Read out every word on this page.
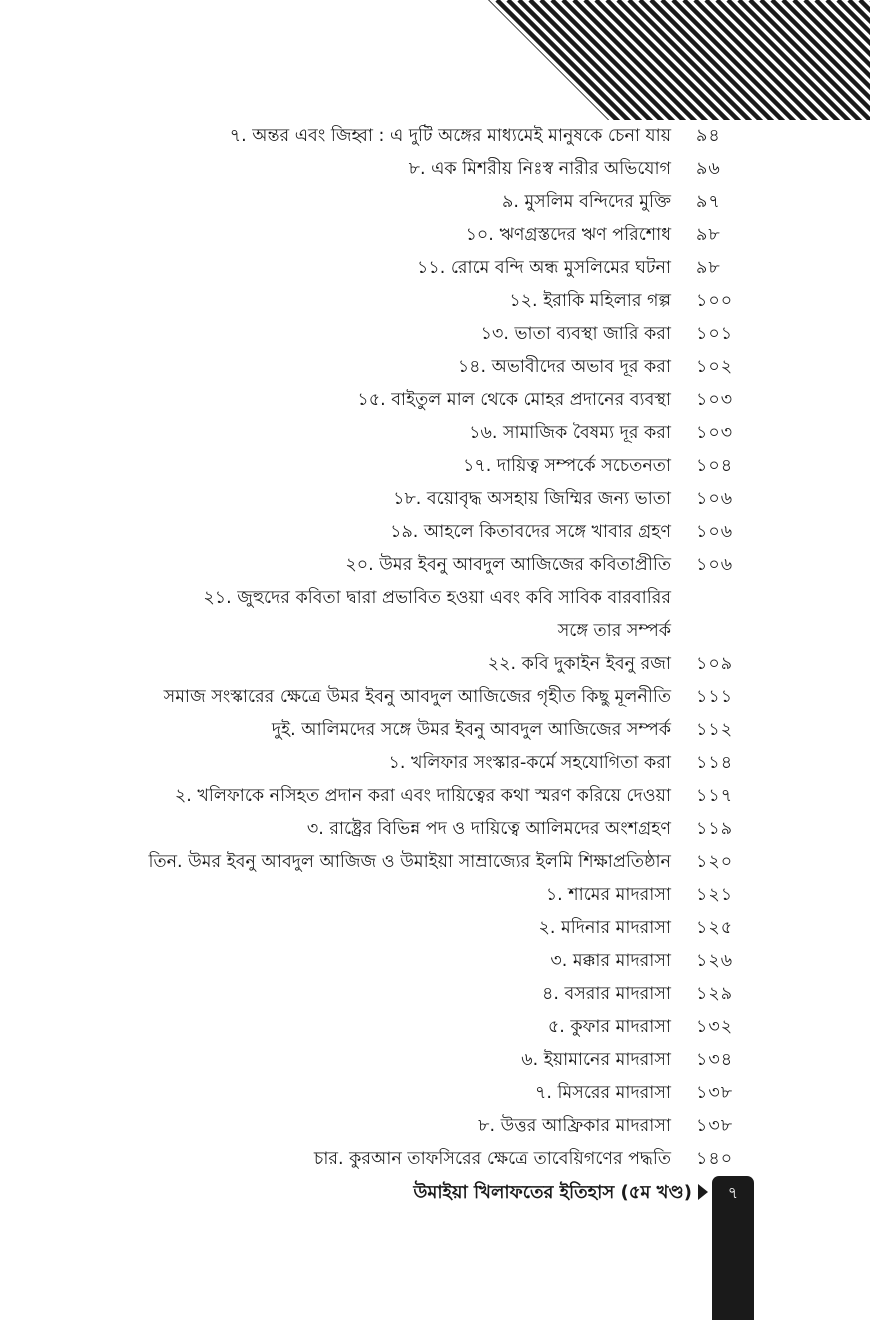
৭. অন্তর এবং জিহ্বা : এ দুটি অঙ্গের মাধ্যমেই মানুষকে চেনা যায় ৯৪
৮. এক মিশরীয় নিঃস্ব নারীর অভিযোগ ৯৬
৯. মুসলিম বন্দিদের মুক্তি ৯৭
১০. ঋণগ্রস্তদের ঋণ পরিশোধ ৯৮
১১. রোমে বন্দি অন্ধ মুসলিমের ঘটনা ৯৮
১২. ইরাকি মহিলার গল্প ১০০
১৩. ভাতা ব্যবস্থা জারি করা ১০১
১৪. অভাবীদের অভাব দূর করা ১০২
১৫. বাইতুল মাল থেকে মোহর প্রদানের ব্যবস্থা ১০৩
১৬. সামাজিক বৈষম্য দূর করা ১০৩
১৭. দায়িত্ব সম্পর্কে সচেতনতা ১০৪
১৮. বয়োবৃদ্ধ অসহায় জিম্মির জন্য ভাতা ১০৬
১৯. আহলে কিতাবদের সঙ্গে খাবার গ্রহণ ১০৬
২০. উমর ইবনু আবদুল আজিজের কবিতাপ্রীতি ১০৬
২১. জুহুদের কবিতা দ্বারা প্রভাবিত হওয়া এবং কবি সাবিক বারবারির
সঙ্গে তার সম্পর্ক
২২. কবি দুকাইন ইবনু রজা ১০৯
সমাজ সংস্কারের ক্ষেত্রে উমর ইবনু আবদুল আজিজের গৃহীত কিছু মূলনীতি ১১১
দুই. আলিমদের সঙ্গে উমর ইবনু আবদুল আজিজের সম্পর্ক ১১২
১. খলিফার সংস্কার-কর্মে সহযোগিতা করা ১১৪
২. খলিফাকে নসিহত প্রদান করা এবং দায়িত্বের কথা স্মরণ করিয়ে দেওয়া ১১৭
৩. রাষ্ট্রের বিভিন্ন পদ ও দায়িত্বে আলিমদের অংশগ্রহণ ১১৯
তিন. উমর ইবনু আবদুল আজিজ ও উমাইয়া সাম্রাজ্যের ইলমি শিক্ষাপ্রতিষ্ঠান ১২০
১. শামের মাদরাসা ১২১
২. মদিনার মাদরাসা ১২৫
৩. মক্কার মাদরাসা ১২৬
৪. বসরার মাদরাসা ১২৯
৫. কুফার মাদরাসা ১৩২
৬. ইয়ামানের মাদরাসা ১৩৪
৭. মিসরের মাদরাসা ১৩৮
৮. উত্তর আফ্রিকার মাদরাসা ১৩৮
চার. কুরআন তাফসিরের ক্ষেত্রে তাবেয়িগণের পদ্ধতি ১৪০
উমাইয়া খিলাফতের ইতিহাস (৫ম খণ্ড)	৭
